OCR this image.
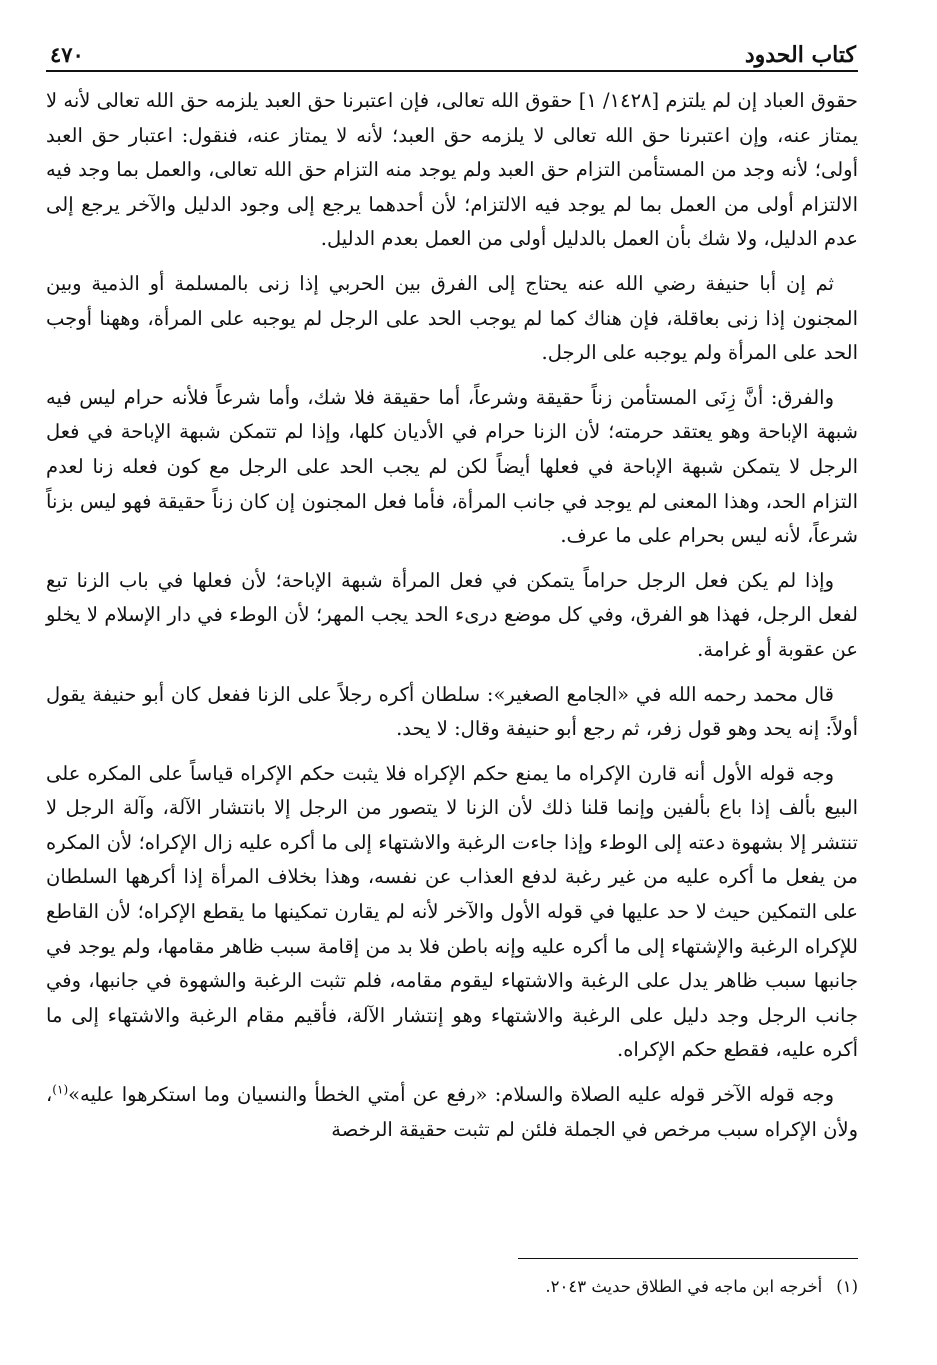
كتاب الحدود
٤٧٠

حقوق العباد إن لم يلتزم [١٤٢٨/ ١] حقوق الله تعالى، فإن اعتبرنا حق العبد يلزمه حق الله تعالى لأنه لا يمتاز عنه، وإن اعتبرنا حق الله تعالى لا يلزمه حق العبد؛ لأنه لا يمتاز عنه، فنقول: اعتبار حق العبد أولى؛ لأنه وجد من المستأمن التزام حق العبد ولم يوجد منه التزام حق الله تعالى، والعمل بما وجد فيه الالتزام أولى من العمل بما لم يوجد فيه الالتزام؛ لأن أحدهما يرجع إلى وجود الدليل والآخر يرجع إلى عدم الدليل، ولا شك بأن العمل بالدليل أولى من العمل بعدم الدليل.

ثم إن أبا حنيفة رضي الله عنه يحتاج إلى الفرق بين الحربي إذا زنى بالمسلمة أو الذمية وبين المجنون إذا زنى بعاقلة، فإن هناك كما لم يوجب الحد على الرجل لم يوجبه على المرأة، وههنا أوجب الحد على المرأة ولم يوجبه على الرجل.

والفرق: أنَّ زِنَى المستأمن زناً حقيقة وشرعاً، أما حقيقة فلا شك، وأما شرعاً فلأنه حرام ليس فيه شبهة الإباحة وهو يعتقد حرمته؛ لأن الزنا حرام في الأديان كلها، وإذا لم تتمكن شبهة الإباحة في فعل الرجل لا يتمكن شبهة الإباحة في فعلها أيضاً لكن لم يجب الحد على الرجل مع كون فعله زنا لعدم التزام الحد، وهذا المعنى لم يوجد في جانب المرأة، فأما فعل المجنون إن كان زناً حقيقة فهو ليس بزناً شرعاً، لأنه ليس بحرام على ما عرف.

وإذا لم يكن فعل الرجل حراماً يتمكن في فعل المرأة شبهة الإباحة؛ لأن فعلها في باب الزنا تبع لفعل الرجل، فهذا هو الفرق، وفي كل موضع درىء الحد يجب المهر؛ لأن الوطء في دار الإسلام لا يخلو عن عقوبة أو غرامة.

قال محمد رحمه الله في «الجامع الصغير»: سلطان أكره رجلاً على الزنا ففعل كان أبو حنيفة يقول أولاً: إنه يحد وهو قول زفر، ثم رجع أبو حنيفة وقال: لا يحد.

وجه قوله الأول أنه قارن الإكراه ما يمنع حكم الإكراه فلا يثبت حكم الإكراه قياساً على المكره على البيع بألف إذا باع بألفين وإنما قلنا ذلك لأن الزنا لا يتصور من الرجل إلا بانتشار الآلة، وآلة الرجل لا تنتشر إلا بشهوة دعته إلى الوطء وإذا جاءت الرغبة والاشتهاء إلى ما أكره عليه زال الإكراه؛ لأن المكره من يفعل ما أكره عليه من غير رغبة لدفع العذاب عن نفسه، وهذا بخلاف المرأة إذا أكرهها السلطان على التمكين حيث لا حد عليها في قوله الأول والآخر لأنه لم يقارن تمكينها ما يقطع الإكراه؛ لأن القاطع للإكراه الرغبة والإشتهاء إلى ما أكره عليه وإنه باطن فلا بد من إقامة سبب ظاهر مقامها، ولم يوجد في جانبها سبب ظاهر يدل على الرغبة والاشتهاء ليقوم مقامه، فلم تثبت الرغبة والشهوة في جانبها، وفي جانب الرجل وجد دليل على الرغبة والاشتهاء وهو إنتشار الآلة، فأقيم مقام الرغبة والاشتهاء إلى ما أكره عليه، فقطع حكم الإكراه.

وجه قوله الآخر قوله عليه الصلاة والسلام: «رفع عن أمتي الخطأ والنسيان وما استكرهوا عليه»$^{(١)}$، ولأن الإكراه سبب مرخص في الجملة فلئن لم تثبت حقيقة الرخصة

(١)
أخرجه ابن ماجه في الطلاق حديث ٢٠٤٣.
